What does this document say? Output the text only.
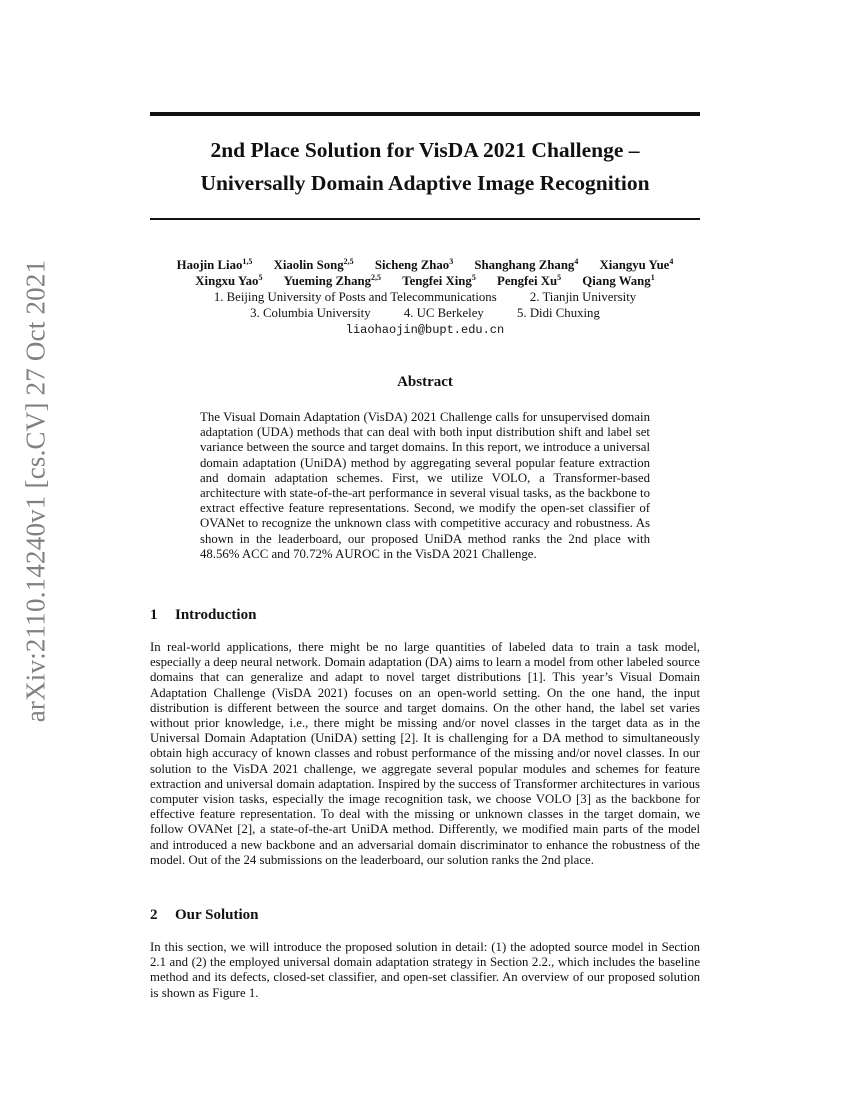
2nd Place Solution for VisDA 2021 Challenge –
Universally Domain Adaptive Image Recognition
Haojin Liao$^{1,5}$ Xiaolin Song$^{2,5}$ Sicheng Zhao$^3$ Shanghang Zhang$^4$ Xiangyu Yue$^4$
Xingxu Yao$^5$ Yueming Zhang$^{2,5}$ Tengfei Xing$^5$ Pengfei Xu$^5$ Qiang Wang$^1$
1. Beijing University of Posts and Telecommunications	2. Tianjin University
3. Columbia University	4. UC Berkeley	5. Didi Chuxing
liaohaojin@bupt.edu.cn
arXiv:2110.14240v1 [cs.CV] 27 Oct 2021	Abstract
The Visual Domain Adaptation (VisDA) 2021 Challenge calls for unsupervised domain adaptation (UDA) methods that can deal with both input distribution shift and label set variance between the source and target domains. In this report, we introduce a universal domain adaptation (UniDA) method by aggregating several popular feature extraction and domain adaptation schemes. First, we utilize VOLO, a Transformer-based architecture with state-of-the-art performance in several visual tasks, as the backbone to extract effective feature representations. Second, we modify the open-set classifier of OVANet to recognize the unknown class with competitive accuracy and robustness. As shown in the leaderboard, our proposed UniDA method ranks the 2nd place with 48.56% ACC and 70.72% AUROC in the VisDA 2021 Challenge.
1 Introduction
In real-world applications, there might be no large quantities of labeled data to train a task model, especially a deep neural network. Domain adaptation (DA) aims to learn a model from other labeled source domains that can generalize and adapt to novel target distributions [1]. This year’s Visual Domain Adaptation Challenge (VisDA 2021) focuses on an open-world setting. On the one hand, the input distribution is different between the source and target domains. On the other hand, the label set varies without prior knowledge, i.e., there might be missing and/or novel classes in the target data as in the Universal Domain Adaptation (UniDA) setting [2]. It is challenging for a DA method to simultaneously obtain high accuracy of known classes and robust performance of the missing and/or novel classes. In our solution to the VisDA 2021 challenge, we aggregate several popular modules and schemes for feature extraction and universal domain adaptation. Inspired by the success of Transformer architectures in various computer vision tasks, especially the image recognition task, we choose VOLO [3] as the backbone for effective feature representation. To deal with the missing or unknown classes in the target domain, we follow OVANet [2], a state-of-the-art UniDA method. Differently, we modified main parts of the model and introduced a new backbone and an adversarial domain discriminator to enhance the robustness of the model. Out of the 24 submissions on the leaderboard, our solution ranks the 2nd place.
2 Our Solution
In this section, we will introduce the proposed solution in detail: (1) the adopted source model in Section 2.1 and (2) the employed universal domain adaptation strategy in Section 2.2., which includes the baseline method and its defects, closed-set classifier, and open-set classifier. An overview of our proposed solution is shown as Figure 1.
